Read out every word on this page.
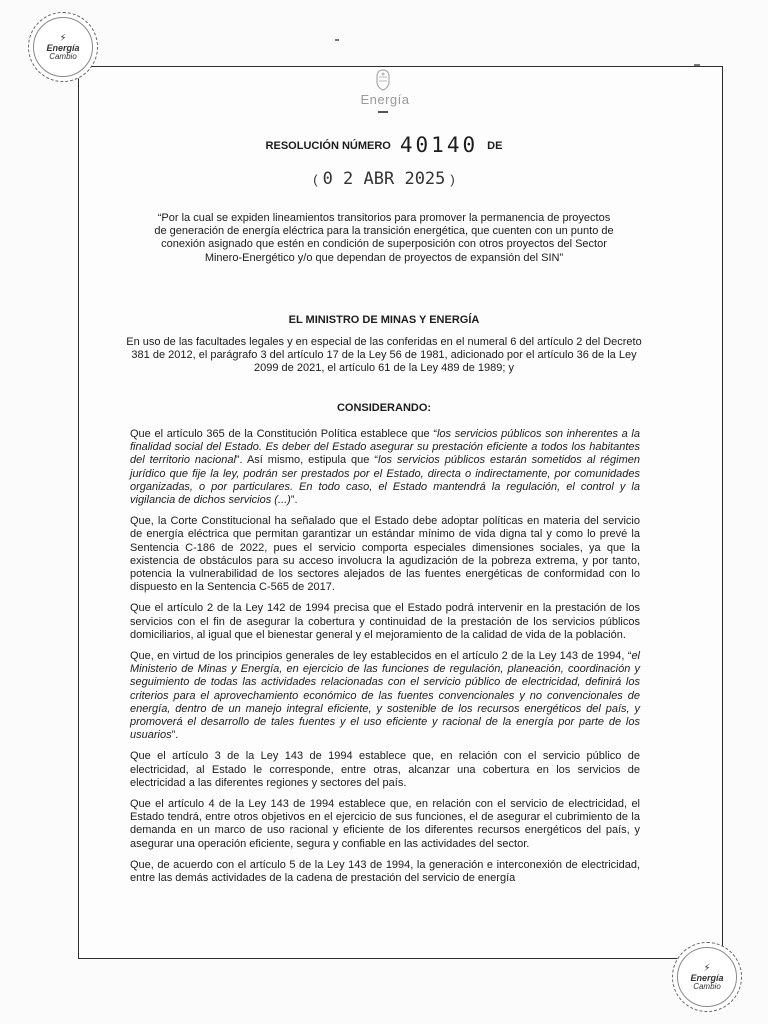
⚡
Energía
Cambio
⚡
Energía
Cambio
Energía
RESOLUCIÓN NÚMERO 40140 DE
( 0 2 ABR 2025 )
“Por la cual se expiden lineamientos transitorios para promover la permanencia de proyectos de generación de energía eléctrica para la transición energética, que cuenten con un punto de conexión asignado que estén en condición de superposición con otros proyectos del Sector Minero-Energético y/o que dependan de proyectos de expansión del SIN”
EL MINISTRO DE MINAS Y ENERGÍA
En uso de las facultades legales y en especial de las conferidas en el numeral 6 del artículo 2 del Decreto 381 de 2012, el parágrafo 3 del artículo 17 de la Ley 56 de 1981, adicionado por el artículo 36 de la Ley 2099 de 2021, el artículo 61 de la Ley 489 de 1989; y
CONSIDERANDO:

Que el artículo 365 de la Constitución Política establece que “los servicios públicos son inherentes a la finalidad social del Estado. Es deber del Estado asegurar su prestación eficiente a todos los habitantes del territorio nacional”. Así mismo, estipula que “los servicios públicos estarán sometidos al régimen jurídico que fije la ley, podrán ser prestados por el Estado, directa o indirectamente, por comunidades organizadas, o por particulares. En todo caso, el Estado mantendrá la regulación, el control y la vigilancia de dichos servicios (...)”.

Que, la Corte Constitucional ha señalado que el Estado debe adoptar políticas en materia del servicio de energía eléctrica que permitan garantizar un estándar mínimo de vida digna tal y como lo prevé la Sentencia C-186 de 2022, pues el servicio comporta especiales dimensiones sociales, ya que la existencia de obstáculos para su acceso involucra la agudización de la pobreza extrema, y por tanto, potencia la vulnerabilidad de los sectores alejados de las fuentes energéticas de conformidad con lo dispuesto en la Sentencia C-565 de 2017.

Que el artículo 2 de la Ley 142 de 1994 precisa que el Estado podrá intervenir en la prestación de los servicios con el fin de asegurar la cobertura y continuidad de la prestación de los servicios públicos domiciliarios, al igual que el bienestar general y el mejoramiento de la calidad de vida de la población.

Que, en virtud de los principios generales de ley establecidos en el artículo 2 de la Ley 143 de 1994, “el Ministerio de Minas y Energía, en ejercicio de las funciones de regulación, planeación, coordinación y seguimiento de todas las actividades relacionadas con el servicio público de electricidad, definirá los criterios para el aprovechamiento económico de las fuentes convencionales y no convencionales de energía, dentro de un manejo integral eficiente, y sostenible de los recursos energéticos del país, y promoverá el desarrollo de tales fuentes y el uso eficiente y racional de la energía por parte de los usuarios”.

Que el artículo 3 de la Ley 143 de 1994 establece que, en relación con el servicio público de electricidad, al Estado le corresponde, entre otras, alcanzar una cobertura en los servicios de electricidad a las diferentes regiones y sectores del país.

Que el artículo 4 de la Ley 143 de 1994 establece que, en relación con el servicio de electricidad, el Estado tendrá, entre otros objetivos en el ejercicio de sus funciones, el de asegurar el cubrimiento de la demanda en un marco de uso racional y eficiente de los diferentes recursos energéticos del país, y asegurar una operación eficiente, segura y confiable en las actividades del sector.

Que, de acuerdo con el artículo 5 de la Ley 143 de 1994, la generación e interconexión de electricidad, entre las demás actividades de la cadena de prestación del servicio de energía
